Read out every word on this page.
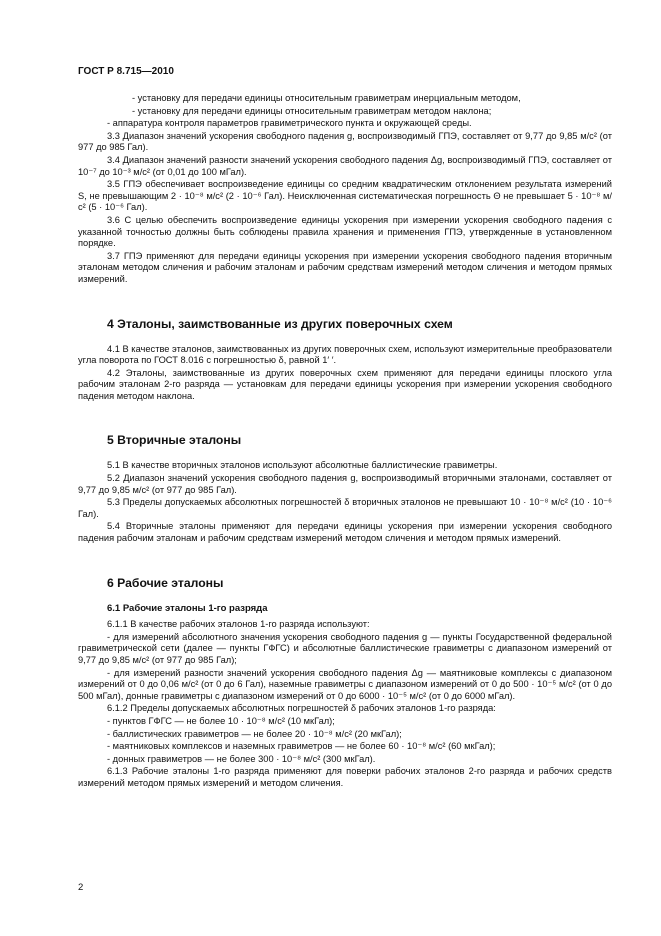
ГОСТ Р 8.715—2010
- установку для передачи единицы относительным гравиметрам инерциальным методом,
- установку для передачи единицы относительным гравиметрам методом наклона;
- аппаратура контроля параметров гравиметрического пункта и окружающей среды.
3.3 Диапазон значений ускорения свободного падения g, воспроизводимый ГПЭ, составляет от 9,77 до 9,85 м/с² (от 977 до 985 Гал).
3.4 Диапазон значений разности значений ускорения свободного падения Δg, воспроизводимый ГПЭ, составляет от 10⁻⁷ до 10⁻³ м/с² (от 0,01 до 100 мГал).
3.5 ГПЭ обеспечивает воспроизведение единицы со средним квадратическим отклонением результата измерений S, не превышающим 2 · 10⁻⁸ м/с² (2 · 10⁻⁶ Гал). Неисключенная систематическая погрешность Θ не превышает 5 · 10⁻⁸ м/с² (5 · 10⁻⁶ Гал).
3.6 С целью обеспечить воспроизведение единицы ускорения при измерении ускорения свободного падения с указанной точностью должны быть соблюдены правила хранения и применения ГПЭ, утвержденные в установленном порядке.
3.7 ГПЭ применяют для передачи единицы ускорения при измерении ускорения свободного падения вторичным эталонам методом сличения и рабочим эталонам и рабочим средствам измерений методом сличения и методом прямых измерений.
4 Эталоны, заимствованные из других поверочных схем
4.1 В качестве эталонов, заимствованных из других поверочных схем, используют измерительные преобразователи угла поворота по ГОСТ 8.016 с погрешностью δ, равной 1′ ′.
4.2 Эталоны, заимствованные из других поверочных схем применяют для передачи единицы плоского угла рабочим эталонам 2-го разряда — установкам для передачи единицы ускорения при измерении ускорения свободного падения методом наклона.
5 Вторичные эталоны
5.1 В качестве вторичных эталонов используют абсолютные баллистические гравиметры.
5.2 Диапазон значений ускорения свободного падения g, воспроизводимый вторичными эталонами, составляет от 9,77 до 9,85 м/с² (от 977 до 985 Гал).
5.3 Пределы допускаемых абсолютных погрешностей δ вторичных эталонов не превышают 10 · 10⁻⁸ м/с² (10 · 10⁻⁶ Гал).
5.4 Вторичные эталоны применяют для передачи единицы ускорения при измерении ускорения свободного падения рабочим эталонам и рабочим средствам измерений методом сличения и методом прямых измерений.
6 Рабочие эталоны
6.1 Рабочие эталоны 1-го разряда
6.1.1 В качестве рабочих эталонов 1-го разряда используют:
- для измерений абсолютного значения ускорения свободного падения g — пункты Государственной федеральной гравиметрической сети (далее — пункты ГФГС) и абсолютные баллистические гравиметры с диапазоном измерений от 9,77 до 9,85 м/с² (от 977 до 985 Гал);
- для измерений разности значений ускорения свободного падения Δg — маятниковые комплексы с диапазоном измерений от 0 до 0,06 м/с² (от 0 до 6 Гал), наземные гравиметры с диапазоном измерений от 0 до 500 · 10⁻⁵ м/с² (от 0 до 500 мГал), донные гравиметры с диапазоном измерений от 0 до 6000 · 10⁻⁵ м/с² (от 0 до 6000 мГал).
6.1.2 Пределы допускаемых абсолютных погрешностей δ рабочих эталонов 1-го разряда:
- пунктов ГФГС — не более 10 · 10⁻⁸ м/с² (10 мкГал);
- баллистических гравиметров — не более 20 · 10⁻⁸ м/с² (20 мкГал);
- маятниковых комплексов и наземных гравиметров — не более 60 · 10⁻⁸ м/с² (60 мкГал);
- донных гравиметров — не более 300 · 10⁻⁸ м/с² (300 мкГал).
6.1.3 Рабочие эталоны 1-го разряда применяют для поверки рабочих эталонов 2-го разряда и рабочих средств измерений методом прямых измерений и методом сличения.
2
